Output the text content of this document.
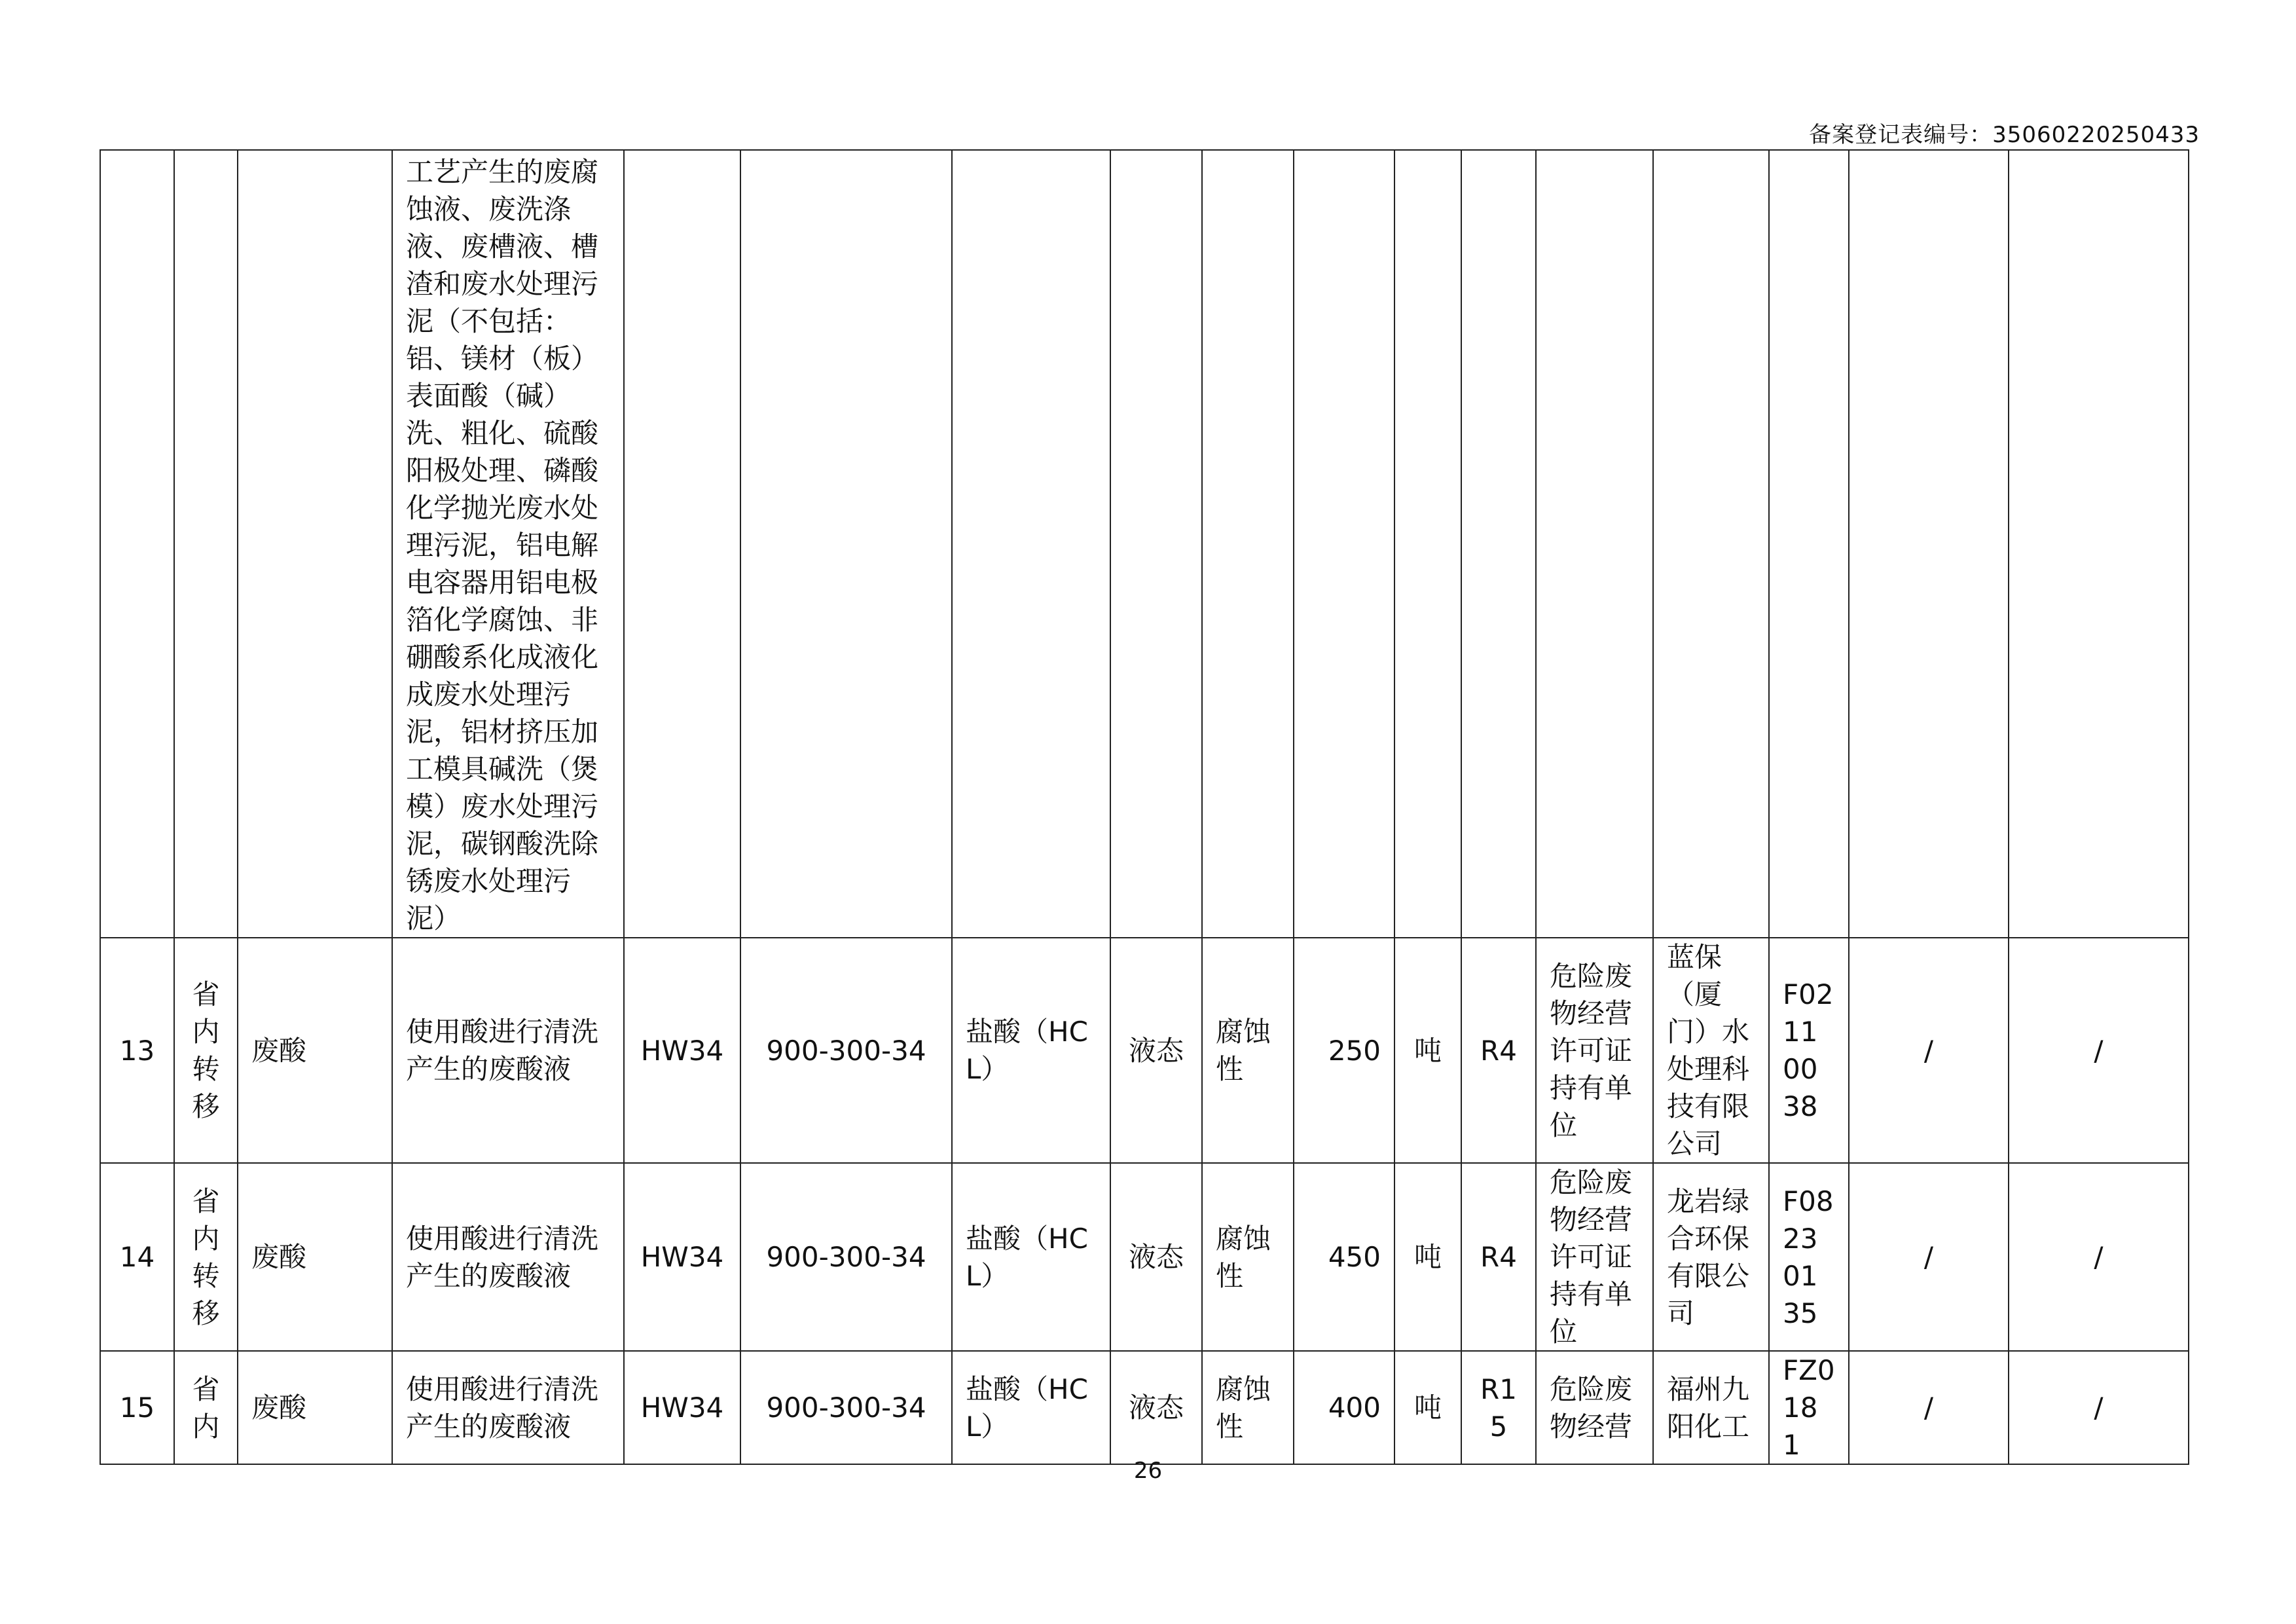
备案登记表编号：35060220250433
			工艺产生的废腐蚀液、废洗涤液、废槽液、槽渣和废水处理污泥（不包括：铝、镁材（板）表面酸（碱）洗、粗化、硫酸阳极处理、磷酸化学抛光废水处理污泥，铝电解电容器用铝电极箔化学腐蚀、非硼酸系化成液化成废水处理污泥，铝材挤压加工模具碱洗（煲模）废水处理污泥，碳钢酸洗除锈废水处理污泥）													
13	省内转移	废酸	使用酸进行清洗产生的废酸液	HW34	900-300-34	盐酸（HCL）	液态	腐蚀性	250	吨	R4	危险废物经营许可证持有单位	蓝保（厦门）水处理科技有限公司	F02110038	/	/
14	省内转移	废酸	使用酸进行清洗产生的废酸液	HW34	900-300-34	盐酸（HCL）	液态	腐蚀性	450	吨	R4	危险废物经营许可证持有单位	龙岩绿合环保有限公司	F08230135	/	/
15	省内	废酸	使用酸进行清洗产生的废酸液	HW34	900-300-34	盐酸（HCL）	液态	腐蚀性	400	吨	R15	危险废物经营	福州九阳化工	FZ0181	/	/
26
